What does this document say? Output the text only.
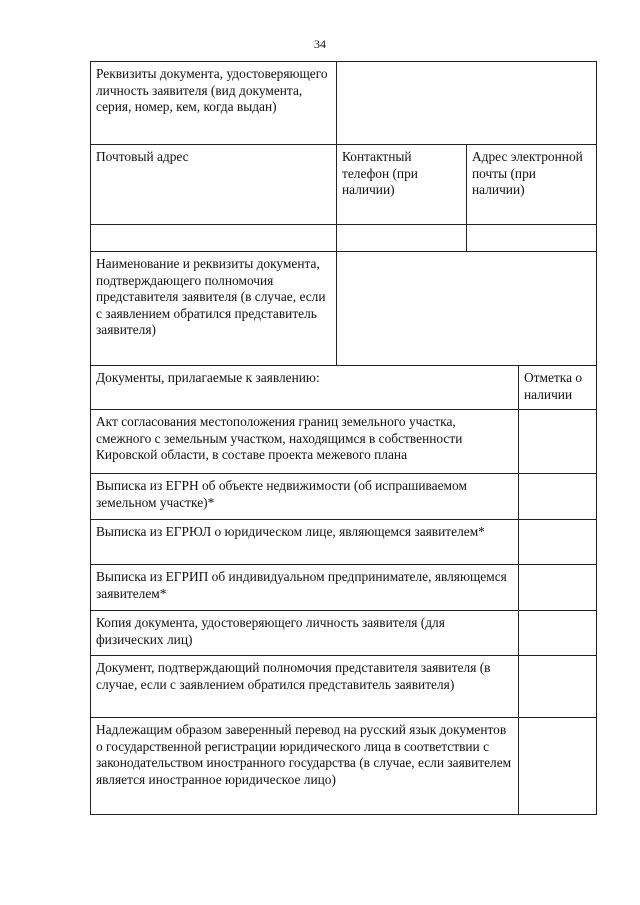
34
Реквизиты документа, удостоверяющего личность заявителя (вид документа, серия, номер, кем, когда выдан)			
Почтовый адрес	Контактный телефон (при наличии)	Адрес электронной почты (при наличии)	

Наименование и реквизиты документа, подтверждающего полномочия представителя заявителя (в случае, если с заявлением обратился представитель заявителя)			
Документы, прилагаемые к заявлению:			Отметка о наличии
Акт согласования местоположения границ земельного участка, смежного с земельным участком, находящимся в собственности Кировской области, в составе проекта межевого плана			
Выписка из ЕГРН об объекте недвижимости (об испрашиваемом земельном участке)*			
Выписка из ЕГРЮЛ о юридическом лице, являющемся заявителем*			
Выписка из ЕГРИП об индивидуальном предпринимателе, являющемся заявителем*			
Копия документа, удостоверяющего личность заявителя (для физических лиц)			
Документ, подтверждающий полномочия представителя заявителя (в случае, если с заявлением обратился представитель заявителя)			
Надлежащим образом заверенный перевод на русский язык документов о государственной регистрации юридического лица в соответствии с законодательством иностранного государства (в случае, если заявителем является иностранное юридическое лицо)			
